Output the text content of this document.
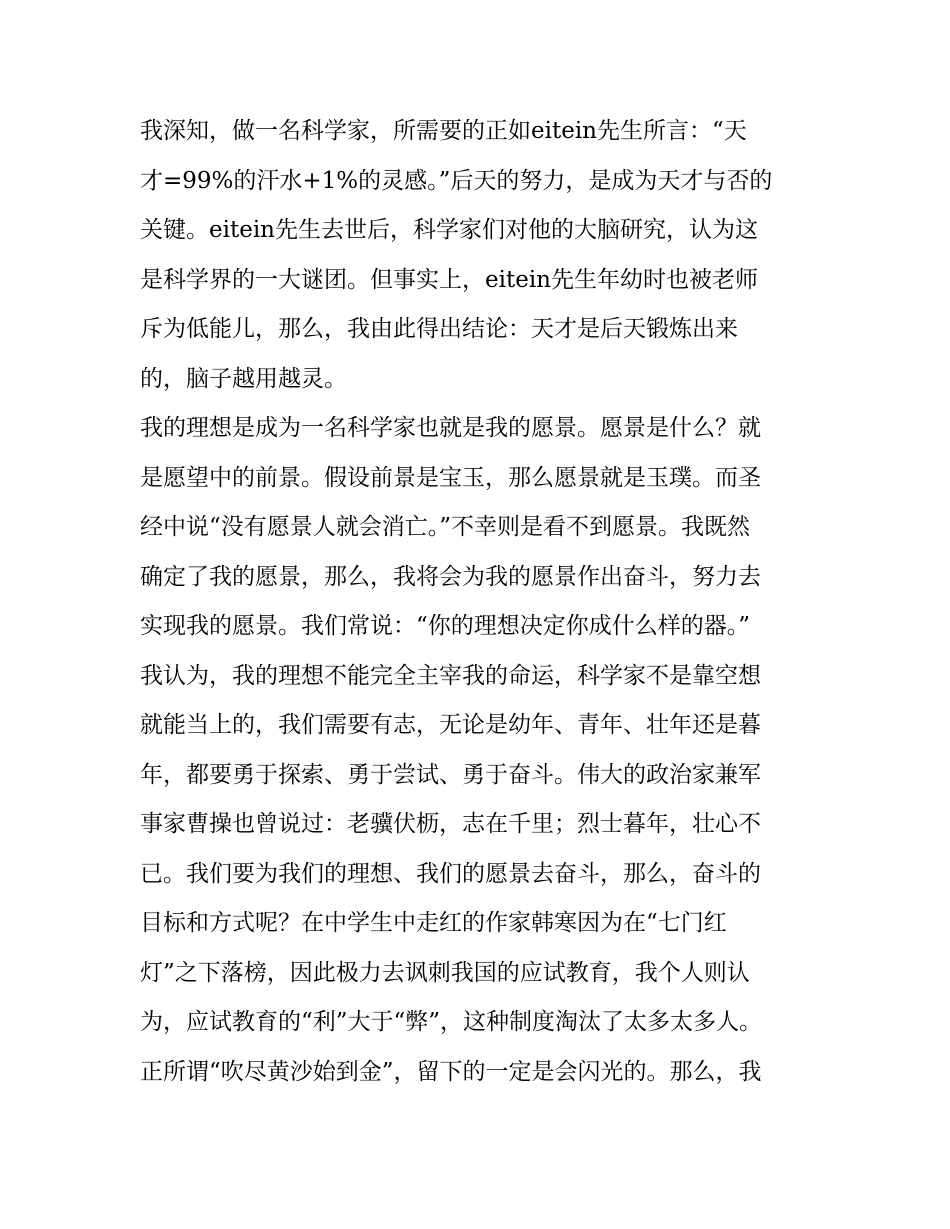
我深知，做一名科学家，所需要的正如eitein先生所言：“天
才=99%的汗水+1%的灵感。”后天的努力，是成为天才与否的
关键。eitein先生去世后，科学家们对他的大脑研究，认为这
是科学界的一大谜团。但事实上，eitein先生年幼时也被老师
斥为低能儿，那么，我由此得出结论：天才是后天锻炼出来
的，脑子越用越灵。
我的理想是成为一名科学家也就是我的愿景。愿景是什么？就
是愿望中的前景。假设前景是宝玉，那么愿景就是玉璞。而圣
经中说“没有愿景人就会消亡。”不幸则是看不到愿景。我既然
确定了我的愿景，那么，我将会为我的愿景作出奋斗，努力去
实现我的愿景。我们常说：“你的理想决定你成什么样的器。”
我认为，我的理想不能完全主宰我的命运，科学家不是靠空想
就能当上的，我们需要有志，无论是幼年、青年、壮年还是暮
年，都要勇于探索、勇于尝试、勇于奋斗。伟大的政治家兼军
事家曹操也曾说过：老骥伏枥，志在千里；烈士暮年，壮心不
已。我们要为我们的理想、我们的愿景去奋斗，那么，奋斗的
目标和方式呢？在中学生中走红的作家韩寒因为在“七门红
灯”之下落榜，因此极力去讽刺我国的应试教育，我个人则认
为，应试教育的“利”大于“弊”，这种制度淘汰了太多太多人。
正所谓“吹尽黄沙始到金”，留下的一定是会闪光的。那么，我
